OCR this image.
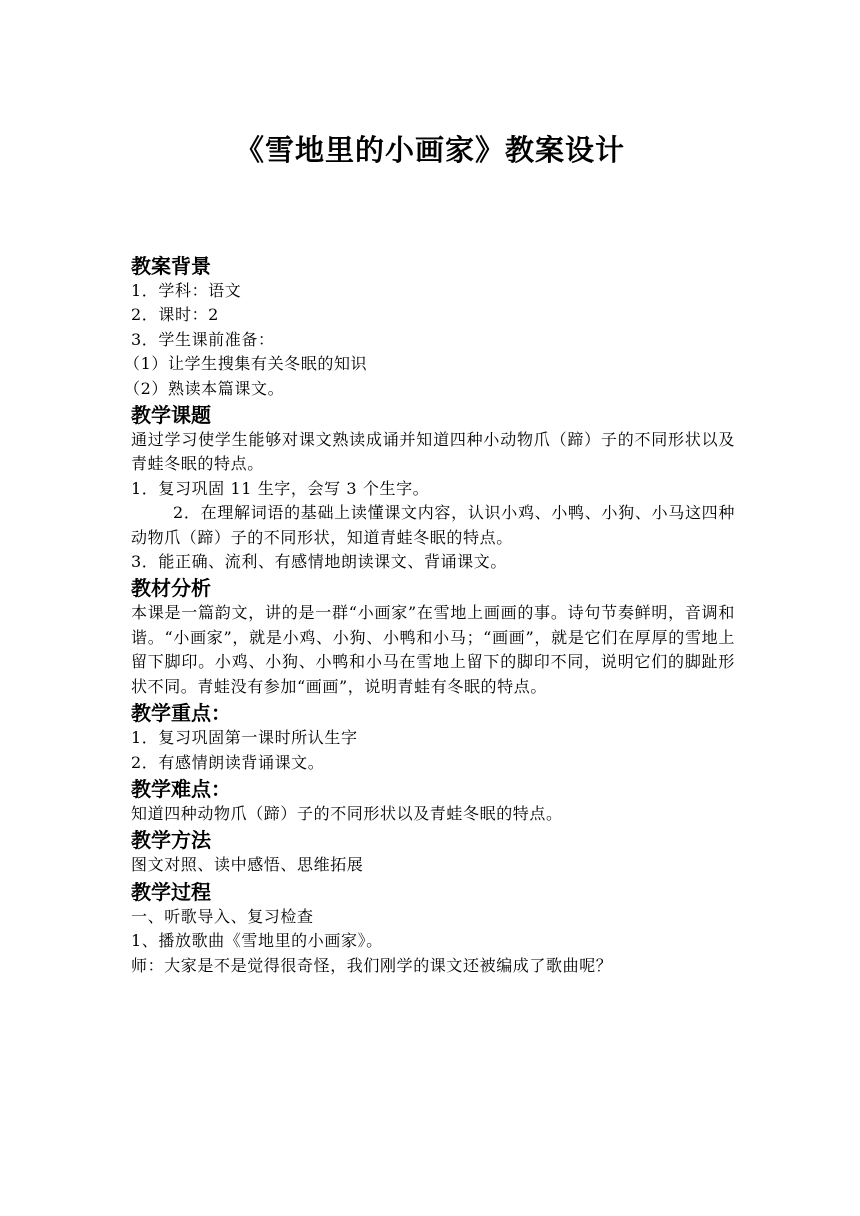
《雪地里的小画家》教案设计

教案背景

1．学科：语文

2．课时：2

3．学生课前准备：

（1）让学生搜集有关冬眠的知识

（2）熟读本篇课文。

教学课题

通过学习使学生能够对课文熟读成诵并知道四种小动物爪（蹄）子的不同形状以及青蛙冬眠的特点。

1．复习巩固 11 生字，会写 3 个生字。

2．在理解词语的基础上读懂课文内容，认识小鸡、小鸭、小狗、小马这四种动物爪（蹄）子的不同形状，知道青蛙冬眠的特点。

3．能正确、流利、有感情地朗读课文、背诵课文。

教材分析

本课是一篇韵文，讲的是一群“小画家”在雪地上画画的事。诗句节奏鲜明，音调和谐。“小画家”，就是小鸡、小狗、小鸭和小马；“画画”，就是它们在厚厚的雪地上留下脚印。小鸡、小狗、小鸭和小马在雪地上留下的脚印不同，说明它们的脚趾形状不同。青蛙没有参加“画画”，说明青蛙有冬眠的特点。

教学重点：

1．复习巩固第一课时所认生字

2．有感情朗读背诵课文。

教学难点：

知道四种动物爪（蹄）子的不同形状以及青蛙冬眠的特点。

教学方法

图文对照、读中感悟、思维拓展

教学过程

一、听歌导入、复习检查

1、播放歌曲《雪地里的小画家》。

师：大家是不是觉得很奇怪，我们刚学的课文还被编成了歌曲呢？
